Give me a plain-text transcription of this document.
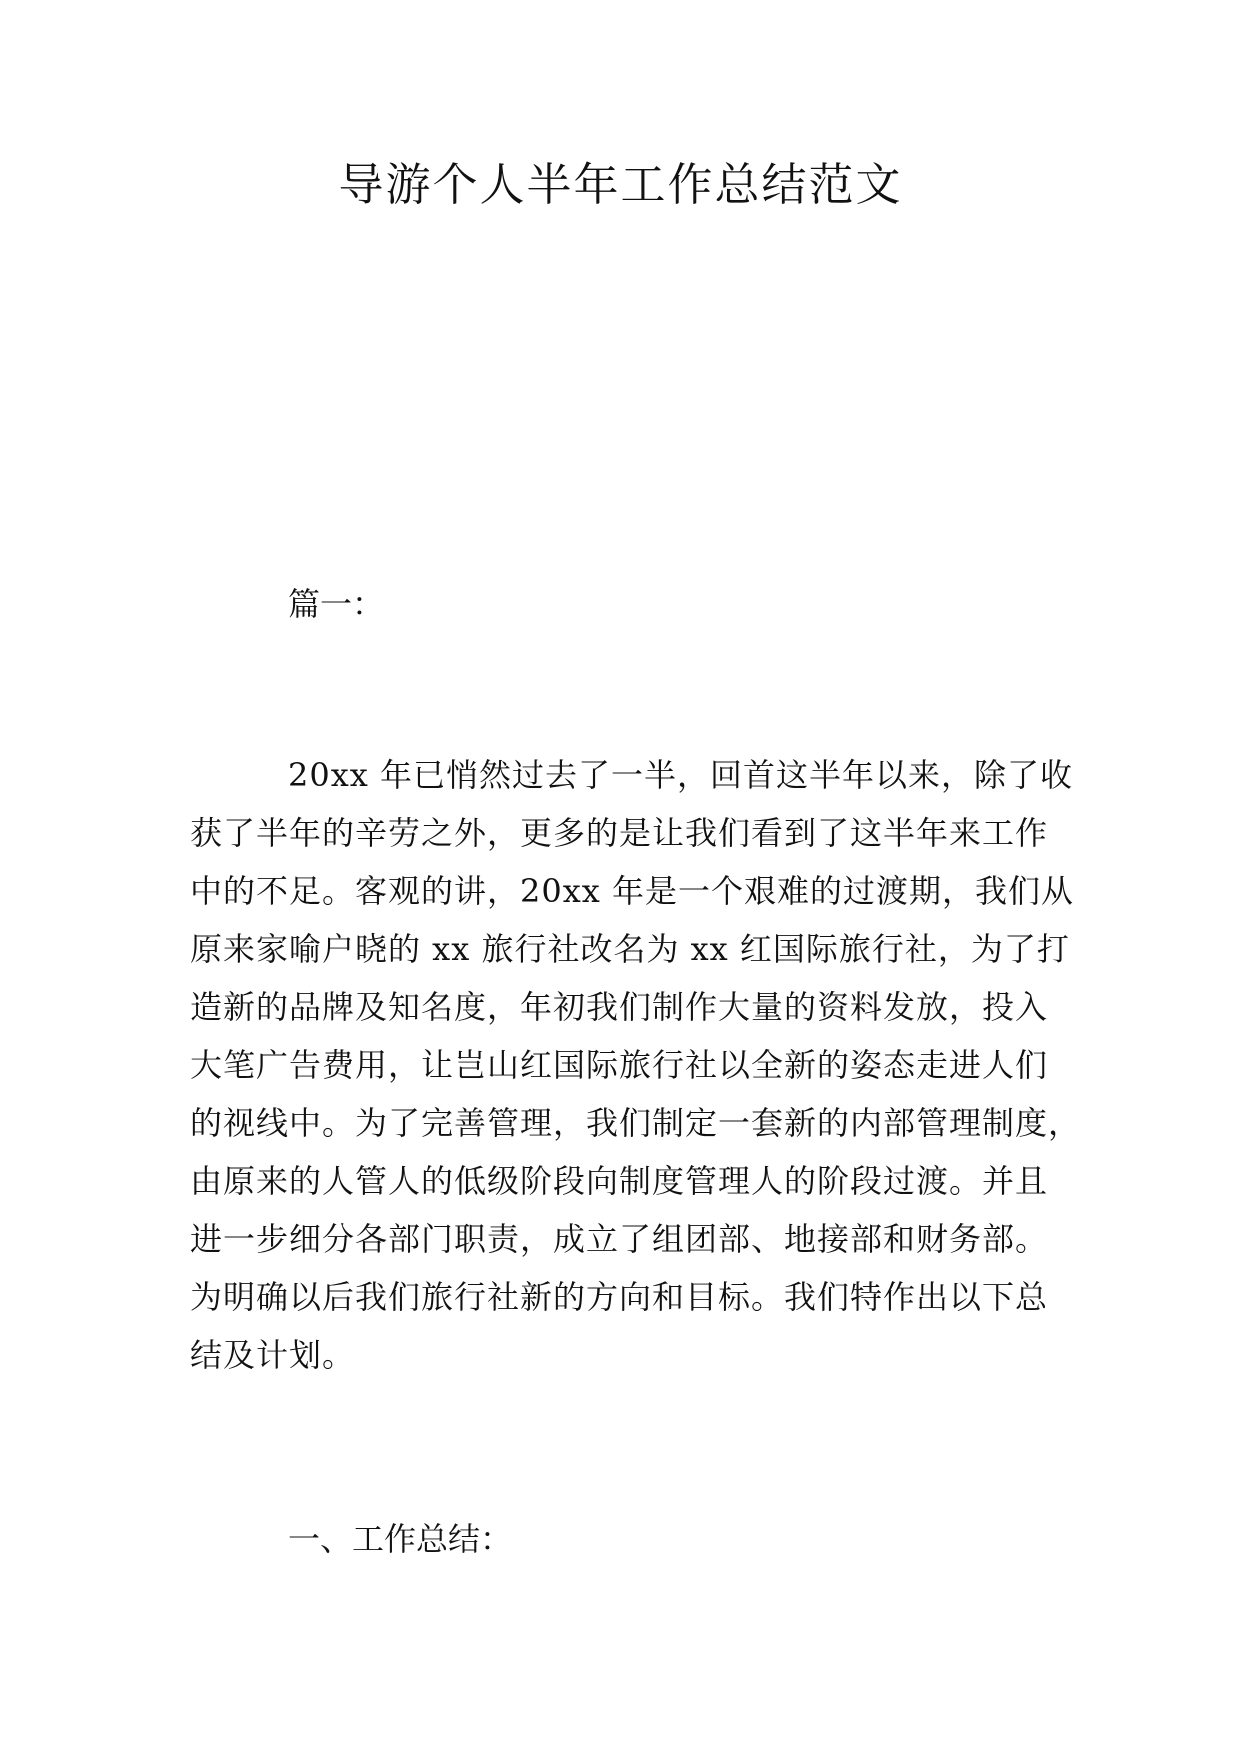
导游个人半年工作总结范文

篇一：

20xx 年已悄然过去了一半，回首这半年以来，除了收
获了半年的辛劳之外，更多的是让我们看到了这半年来工作
中的不足。客观的讲，20xx 年是一个艰难的过渡期，我们从
原来家喻户晓的 xx 旅行社改名为 xx 红国际旅行社，为了打
造新的品牌及知名度，年初我们制作大量的资料发放，投入
大笔广告费用，让岂山红国际旅行社以全新的姿态走进人们
的视线中。为了完善管理，我们制定一套新的内部管理制度，
由原来的人管人的低级阶段向制度管理人的阶段过渡。并且
进一步细分各部门职责，成立了组团部、地接部和财务部。
为明确以后我们旅行社新的方向和目标。我们特作出以下总
结及计划。

一、工作总结：
